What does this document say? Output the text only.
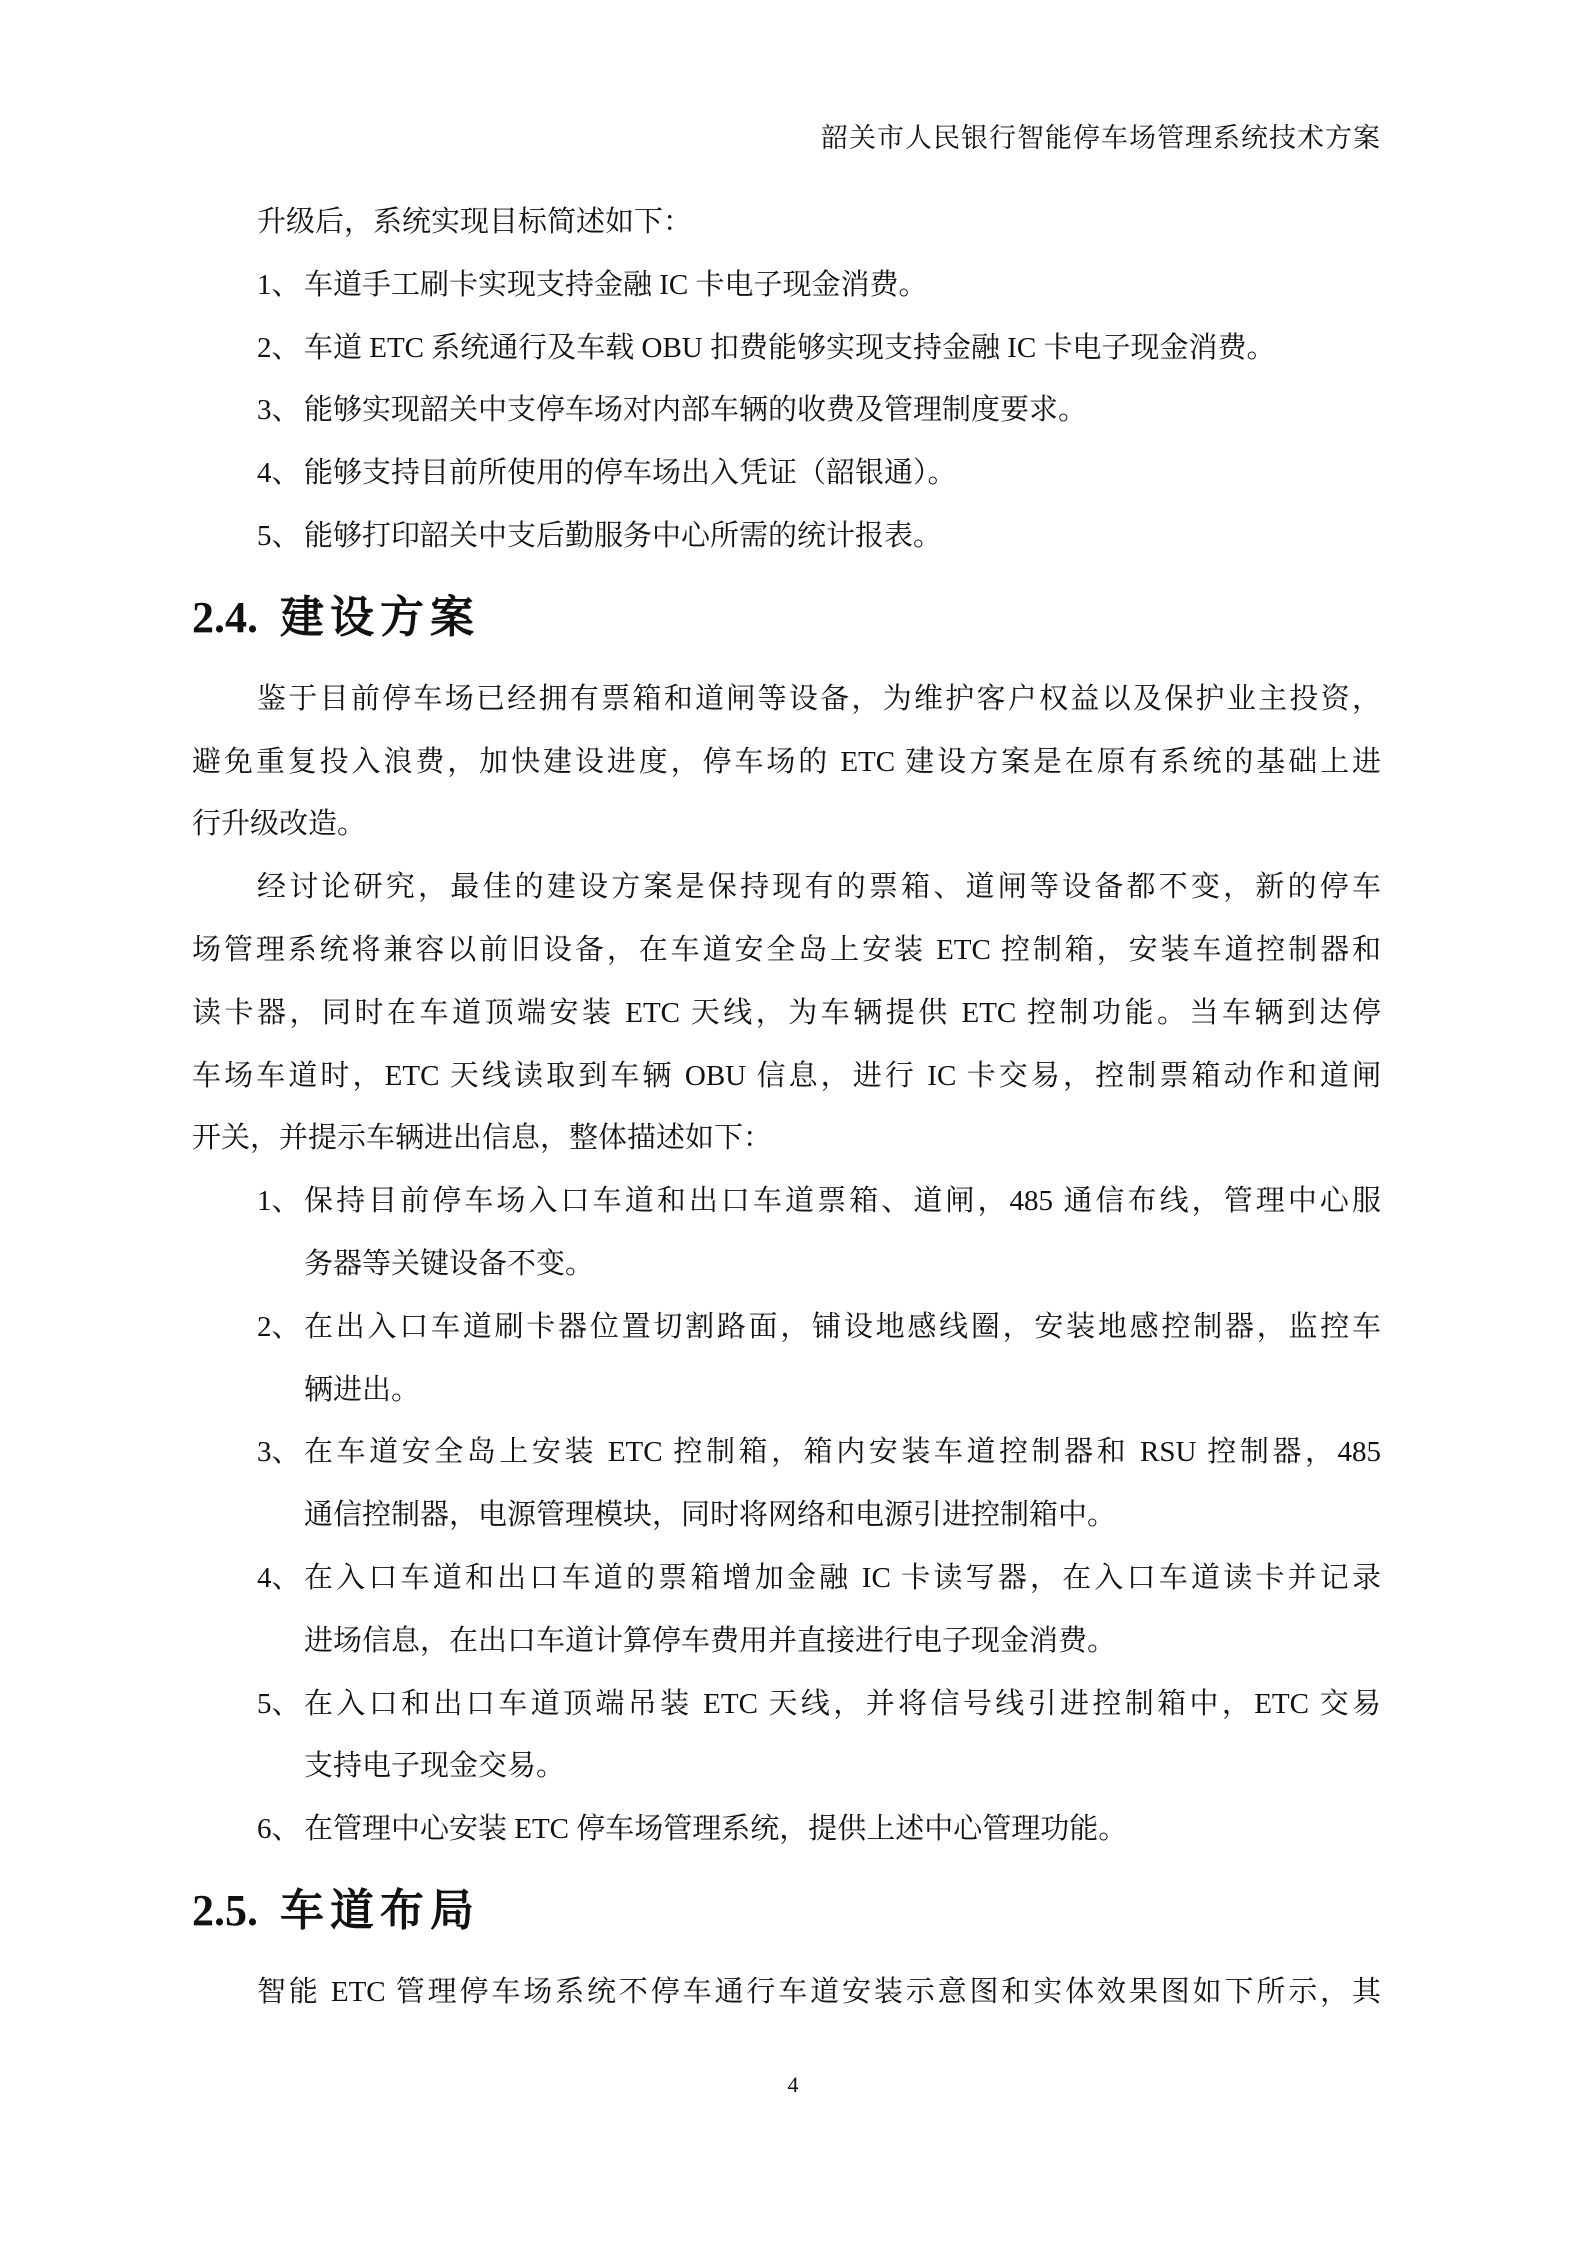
韶关市人民银行智能停车场管理系统技术方案
升级后，系统实现目标简述如下：
1、 车道手工刷卡实现支持金融 IC 卡电子现金消费。
2、 车道 ETC 系统通行及车载 OBU 扣费能够实现支持金融 IC 卡电子现金消费。
3、 能够实现韶关中支停车场对内部车辆的收费及管理制度要求。
4、 能够支持目前所使用的停车场出入凭证（韶银通）。
5、 能够打印韶关中支后勤服务中心所需的统计报表。
2.4. 建设方案
鉴于目前停车场已经拥有票箱和道闸等设备，为维护客户权益以及保护业主投资，
避免重复投入浪费，加快建设进度，停车场的 ETC 建设方案是在原有系统的基础上进
行升级改造。
经讨论研究，最佳的建设方案是保持现有的票箱、道闸等设备都不变，新的停车
场管理系统将兼容以前旧设备，在车道安全岛上安装 ETC 控制箱，安装车道控制器和
读卡器，同时在车道顶端安装 ETC 天线，为车辆提供 ETC 控制功能。当车辆到达停
车场车道时，ETC 天线读取到车辆 OBU 信息，进行 IC 卡交易，控制票箱动作和道闸
开关，并提示车辆进出信息，整体描述如下：
1、 保持目前停车场入口车道和出口车道票箱、道闸，485 通信布线，管理中心服
务器等关键设备不变。
2、 在出入口车道刷卡器位置切割路面，铺设地感线圈，安装地感控制器，监控车
辆进出。
3、 在车道安全岛上安装 ETC 控制箱，箱内安装车道控制器和 RSU 控制器，485
通信控制器，电源管理模块，同时将网络和电源引进控制箱中。
4、 在入口车道和出口车道的票箱增加金融 IC 卡读写器，在入口车道读卡并记录
进场信息，在出口车道计算停车费用并直接进行电子现金消费。
5、 在入口和出口车道顶端吊装 ETC 天线，并将信号线引进控制箱中，ETC 交易
支持电子现金交易。
6、 在管理中心安装 ETC 停车场管理系统，提供上述中心管理功能。
2.5. 车道布局
智能 ETC 管理停车场系统不停车通行车道安装示意图和实体效果图如下所示，其
4
